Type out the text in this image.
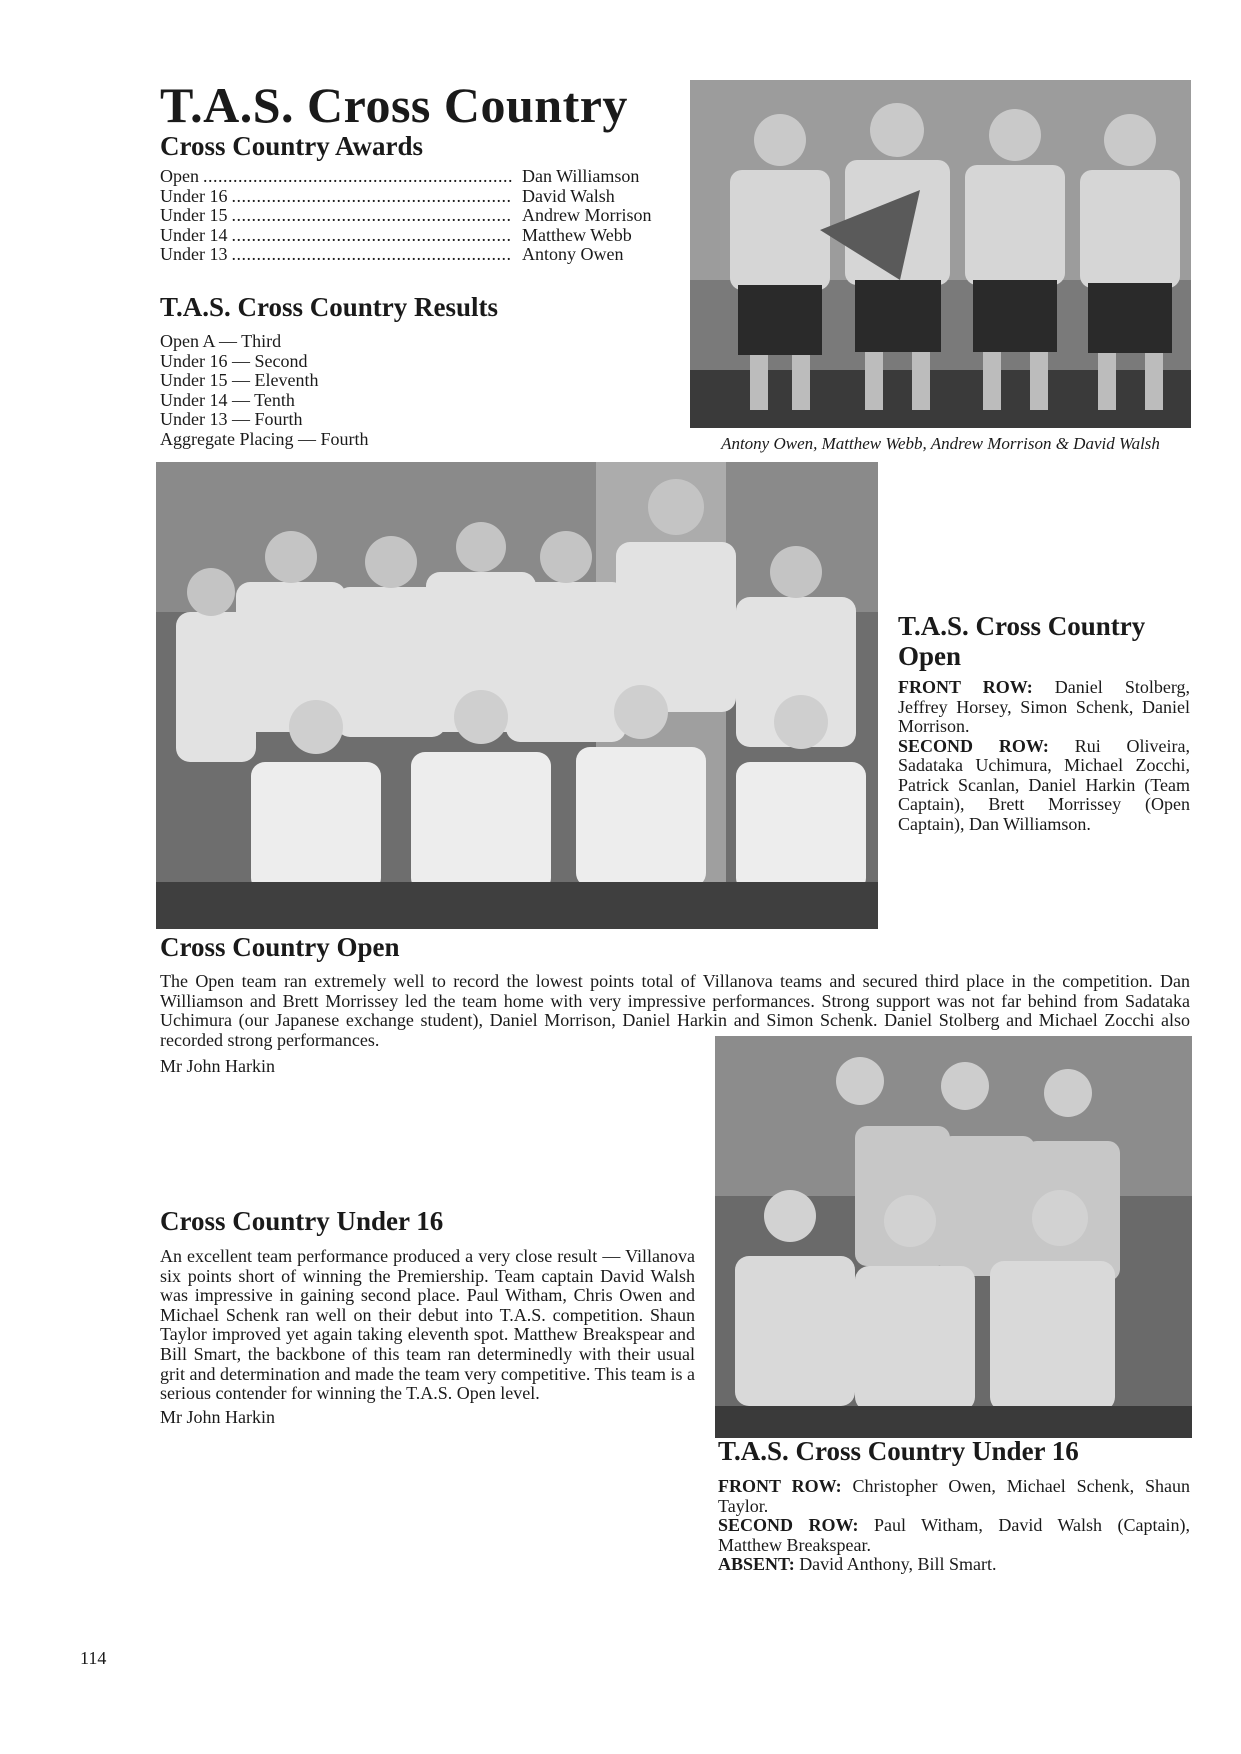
T.A.S. Cross Country
Cross Country Awards
Open .....	Dan Williamson
Under 16 .....	David Walsh
Under 15 .....	Andrew Morrison
Under 14 .....	Matthew Webb
Under 13 .....	Antony Owen
T.A.S. Cross Country Results
Open A — Third
Under 16 — Second
Under 15 — Eleventh
Under 14 — Tenth
Under 13 — Fourth
Aggregate Placing — Fourth	Antony Owen, Matthew Webb, Andrew Morrison & David Walsh
T.A.S. Cross Country Open
FRONT ROW: Daniel Stolberg, Jeffrey Horsey, Simon Schenk, Daniel Morrison.
SECOND ROW: Rui Oliveira, Sadataka Uchimura, Michael Zocchi, Patrick Scanlan, Daniel Harkin (Team Captain), Brett Morrissey (Open Captain), Dan Williamson.
Cross Country Open
The Open team ran extremely well to record the lowest points total of Villanova teams and secured third place in the competition. Dan Williamson and Brett Morrissey led the team home with very impressive performances. Strong support was not far behind from Sadataka Uchimura (our Japanese exchange student), Daniel Morrison, Daniel Harkin and Simon Schenk. Daniel Stolberg and Michael Zocchi also recorded strong performances.
Mr John Harkin
Cross Country Under 16
An excellent team performance produced a very close result — Villanova six points short of winning the Premiership. Team captain David Walsh was impressive in gaining second place. Paul Witham, Chris Owen and Michael Schenk ran well on their debut into T.A.S. competition. Shaun Taylor improved yet again taking eleventh spot. Matthew Breakspear and Bill Smart, the backbone of this team ran determinedly with their usual grit and determination and made the team very competitive. This team is a serious contender for winning the T.A.S. Open level.
Mr John Harkin
T.A.S. Cross Country Under 16
FRONT ROW: Christopher Owen, Michael Schenk, Shaun Taylor.
SECOND ROW: Paul Witham, David Walsh (Captain), Matthew Breakspear.
ABSENT: David Anthony, Bill Smart.
114
